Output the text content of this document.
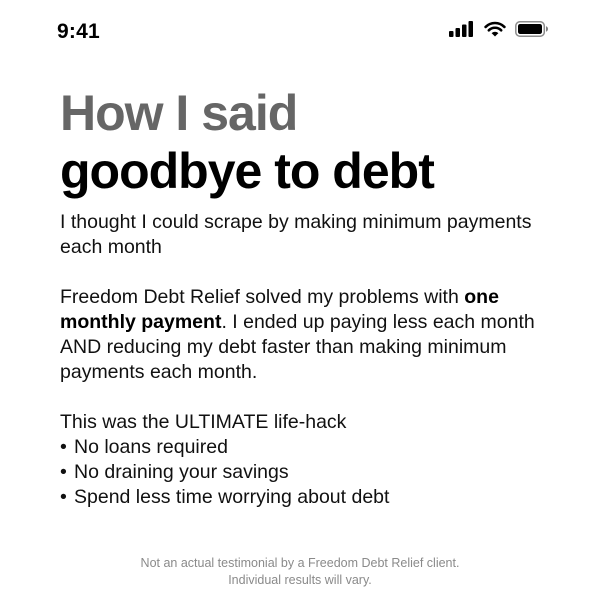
9:41
How I said
goodbye to debt

I thought I could scrape by making minimum payments each month

Freedom Debt Relief solved my problems with one monthly payment. I ended up paying less each month AND reducing my debt faster than making minimum payments each month.

This was the ULTIMATE life-hack

• No loans required
• No draining your savings
• Spend less time worrying about debt
Not an actual testimonial by a Freedom Debt Relief client.
Individual results will vary.
